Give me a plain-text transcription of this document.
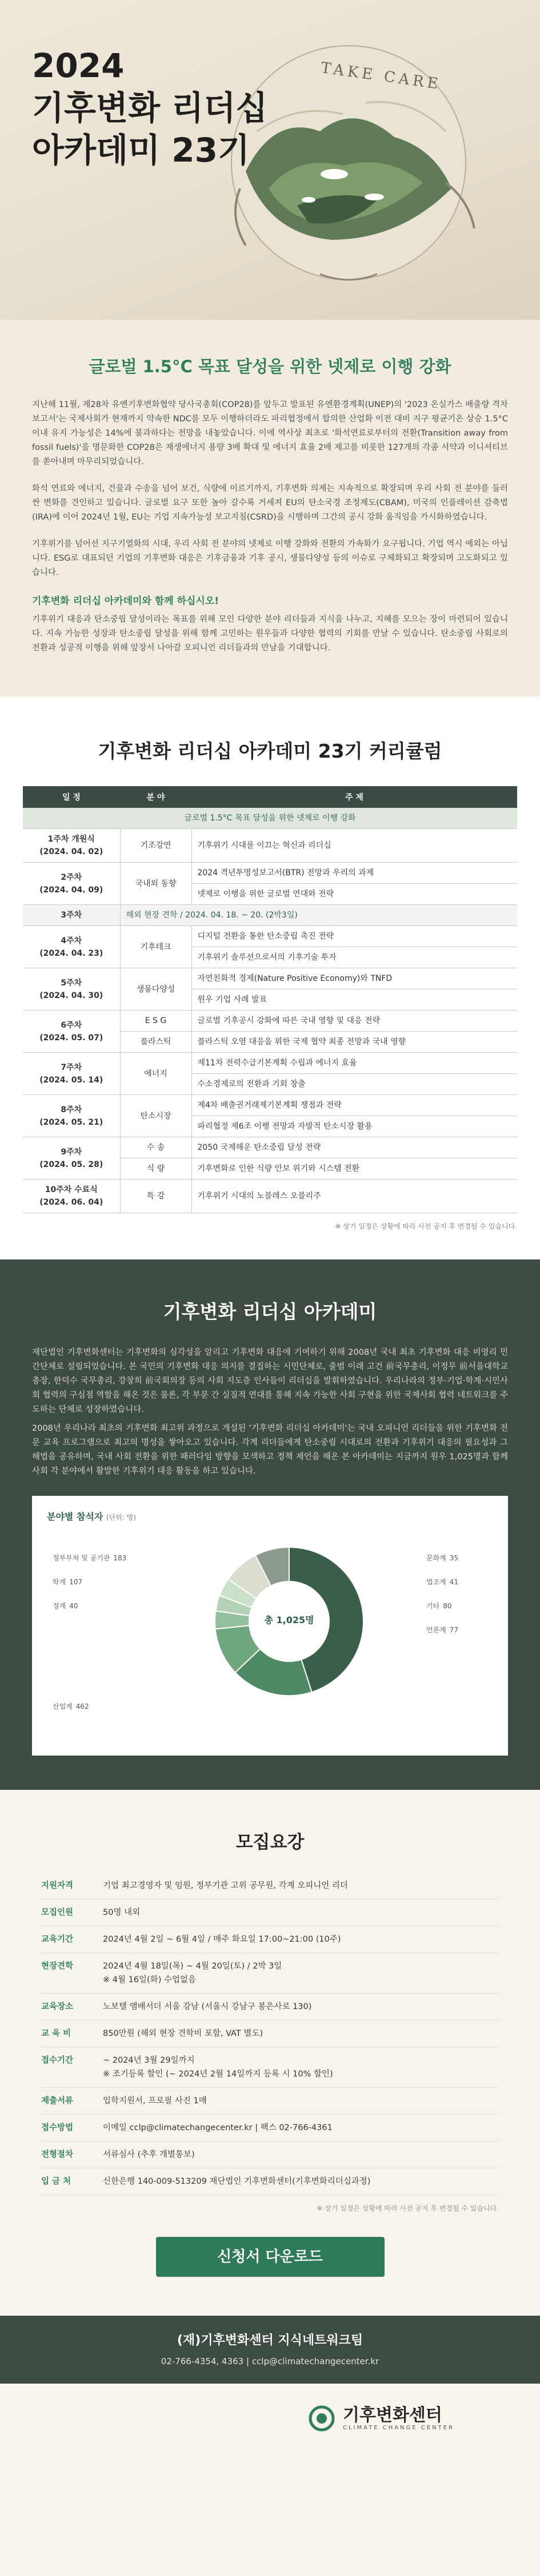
TAKE CARE
2024
기후변화 리더십
아카데미 23기
글로벌 1.5°C 목표 달성을 위한 넷제로 이행 강화

지난해 11월, 제28차 유엔기후변화협약 당사국총회(COP28)를 앞두고 발표된 유엔환경계획(UNEP)의 '2023 온실가스 배출량 격차 보고서'는 국제사회가 현재까지 약속한 NDC를 모두 이행하더라도 파리협정에서 합의한 산업화 이전 대비 지구 평균기온 상승 1.5°C 이내 유지 가능성은 14%에 불과하다는 전망을 내놓았습니다. 이에 역사상 최초로 '화석연료로부터의 전환(Transition away from fossil fuels)'을 명문화한 COP28은 재생에너지 용량 3배 확대 및 에너지 효율 2배 제고를 비롯한 127개의 각종 서약과 이니셔티브를 쏟아내며 마무리되었습니다.

화석 연료와 에너지, 건물과 수송을 넘어 보건, 식량에 이르기까지, 기후변화 의제는 지속적으로 확장되며 우리 사회 전 분야를 둘러싼 변화를 견인하고 있습니다. 글로벌 요구 또한 높아 갈수록 거세져 EU의 탄소국경 조정제도(CBAM), 미국의 인플레이션 감축법(IRA)에 이어 2024년 1월, EU는 기업 지속가능성 보고지침(CSRD)을 시행하며 그간의 공시 강화 움직임을 가시화하였습니다.

기후위기를 넘어선 지구기열화의 시대, 우리 사회 전 분야의 넷제로 이행 강화와 전환의 가속화가 요구됩니다. 기업 역시 예외는 아닙니다. ESG로 대표되던 기업의 기후변화 대응은 기후금융과 기후 공시, 생물다양성 등의 이슈로 구체화되고 확장되며 고도화되고 있습니다.

기후변화 리더십 아카데미와 함께 하십시오!

기후위기 대응과 탄소중립 달성이라는 목표를 위해 모인 다양한 분야 리더들과 지식을 나누고, 지혜를 모으는 장이 마련되어 있습니다. 지속 가능한 성장과 탄소중립 달성을 위해 함께 고민하는 원우들과 다양한 협력의 기회를 만날 수 있습니다. 탄소중립 사회로의 전환과 성공적 이행을 위해 앞장서 나아갈 오피니언 리더들과의 만남을 기대합니다.

기후변화 리더십 아카데미 23기 커리큘럼
일 정	분 야	주 제
글로벌 1.5°C 목표 달성을 위한 넷제로 이행 강화		
1주차 개원식
(2024. 04. 02)	기조강연	기후위기 시대를 이끄는 혁신과 리더십
2주차
(2024. 04. 09)	국내외 동향	2024 격년투명성보고서(BTR) 전망과 우리의 과제
		넷제로 이행을 위한 글로벌 연대와 전략
3주차	해외 현장 견학 / 2024. 04. 18. ~ 20. (2박3일)	
4주차
(2024. 04. 23)	기후테크	디지털 전환을 통한 탄소중립 촉진 전략
		기후위기 솔루션으로서의 기후기술 투자
5주차
(2024. 04. 30)	생물다양성	자연친화적 경제(Nature Positive Economy)와 TNFD
		원우 기업 사례 발표
6주차
(2024. 05. 07)	E S G	글로벌 기후공시 강화에 따른 국내 영향 및 대응 전략
	플라스틱	플라스틱 오염 대응을 위한 국제 협약 최종 전망과 국내 영향
7주차
(2024. 05. 14)	에너지	제11차 전력수급기본계획 수립과 에너지 효율
		수소경제로의 전환과 기회 창출
8주차
(2024. 05. 21)	탄소시장	제4차 배출권거래제기본계획 쟁점과 전략
		파리협정 제6조 이행 전망과 자발적 탄소시장 활용
9주차
(2024. 05. 28)	수 송	2050 국제해운 탄소중립 달성 전략
	식 량	기후변화로 인한 식량 안보 위기와 시스템 전환
10주차 수료식
(2024. 06. 04)	특 강	기후위기 시대의 노블레스 오블리주
※ 상기 일정은 상황에 따라 사전 공지 후 변경될 수 있습니다.
기후변화 리더십 아카데미

재단법인 기후변화센터는 기후변화의 심각성을 알리고 기후변화 대응에 기여하기 위해 2008년 국내 최초 기후변화 대응 비영리 민간단체로 설립되었습니다. 본 국민의 기후변화 대응 의지를 결집하는 시민단체로, 출범 이래 고건 前국무총리, 이정무 前서울대학교 총장, 한덕수 국무총리, 강창희 前국회의장 등의 사회 지도층 인사들이 리더십을 발휘하였습니다. 우리나라의 정부·기업·학계·시민사회 협력의 구심점 역할을 해온 것은 물론, 각 부문 간 실질적 연대를 통해 지속 가능한 사회 구현을 위한 국제사회 협력 네트워크를 주도하는 단체로 성장하였습니다.

2008년 우리나라 최초의 기후변화 최고위 과정으로 개설된 '기후변화 리더십 아카데미'는 국내 오피니언 리더들을 위한 기후변화 전문 교육 프로그램으로 최고의 명성을 쌓아오고 있습니다. 각계 리더들에게 탄소중립 시대로의 전환과 기후위기 대응의 필요성과 그 해법을 공유하며, 국내 사회 전환을 위한 패러다임 방향을 모색하고 정책 제언을 해온 본 아카데미는 지금까지 원우 1,025명과 함께 사회 각 분야에서 활발한 기후위기 대응 활동을 하고 있습니다.

분야별 참석자 (단위: 명)
총 1,025명
정부부처 및 공기관 183
학계 107
정계 40
산업계 462
문화계 35
법조계 41
기타 80
언론계 77
모집요강
지원자격	기업 최고경영자 및 임원, 정부기관 고위 공무원, 각계 오피니언 리더
모집인원	50명 내외
교육기간	2024년 4월 2일 ~ 6월 4일 / 매주 화요일 17:00~21:00 (10주)
현장견학	2024년 4월 18일(목) ~ 4월 20일(토) / 2박 3일
※ 4월 16일(화) 수업없음
교육장소	노보텔 앰배서더 서울 강남 (서울시 강남구 봉은사로 130)
교 육 비	850만원 (해외 현장 견학비 포함, VAT 별도)
접수기간	~ 2024년 3월 29일까지
※ 조기등록 할인 (~ 2024년 2월 14일까지 등록 시 10% 할인)
제출서류	입학지원서, 프로필 사진 1매
접수방법	이메일 cclp@climatechangecenter.kr | 팩스 02-766-4361
전형절차	서류심사 (추후 개별통보)
입 금 처	신한은행 140-009-513209 재단법인 기후변화센터(기후변화리더십과정)
※ 상기 일정은 상황에 따라 사전 공지 후 변경될 수 있습니다.
신청서 다운로드
(재)기후변화센터 지식네트워크팀
02-766-4354, 4363 | cclp@climatechangecenter.kr
기후변화센터
CLIMATE CHANGE CENTER
